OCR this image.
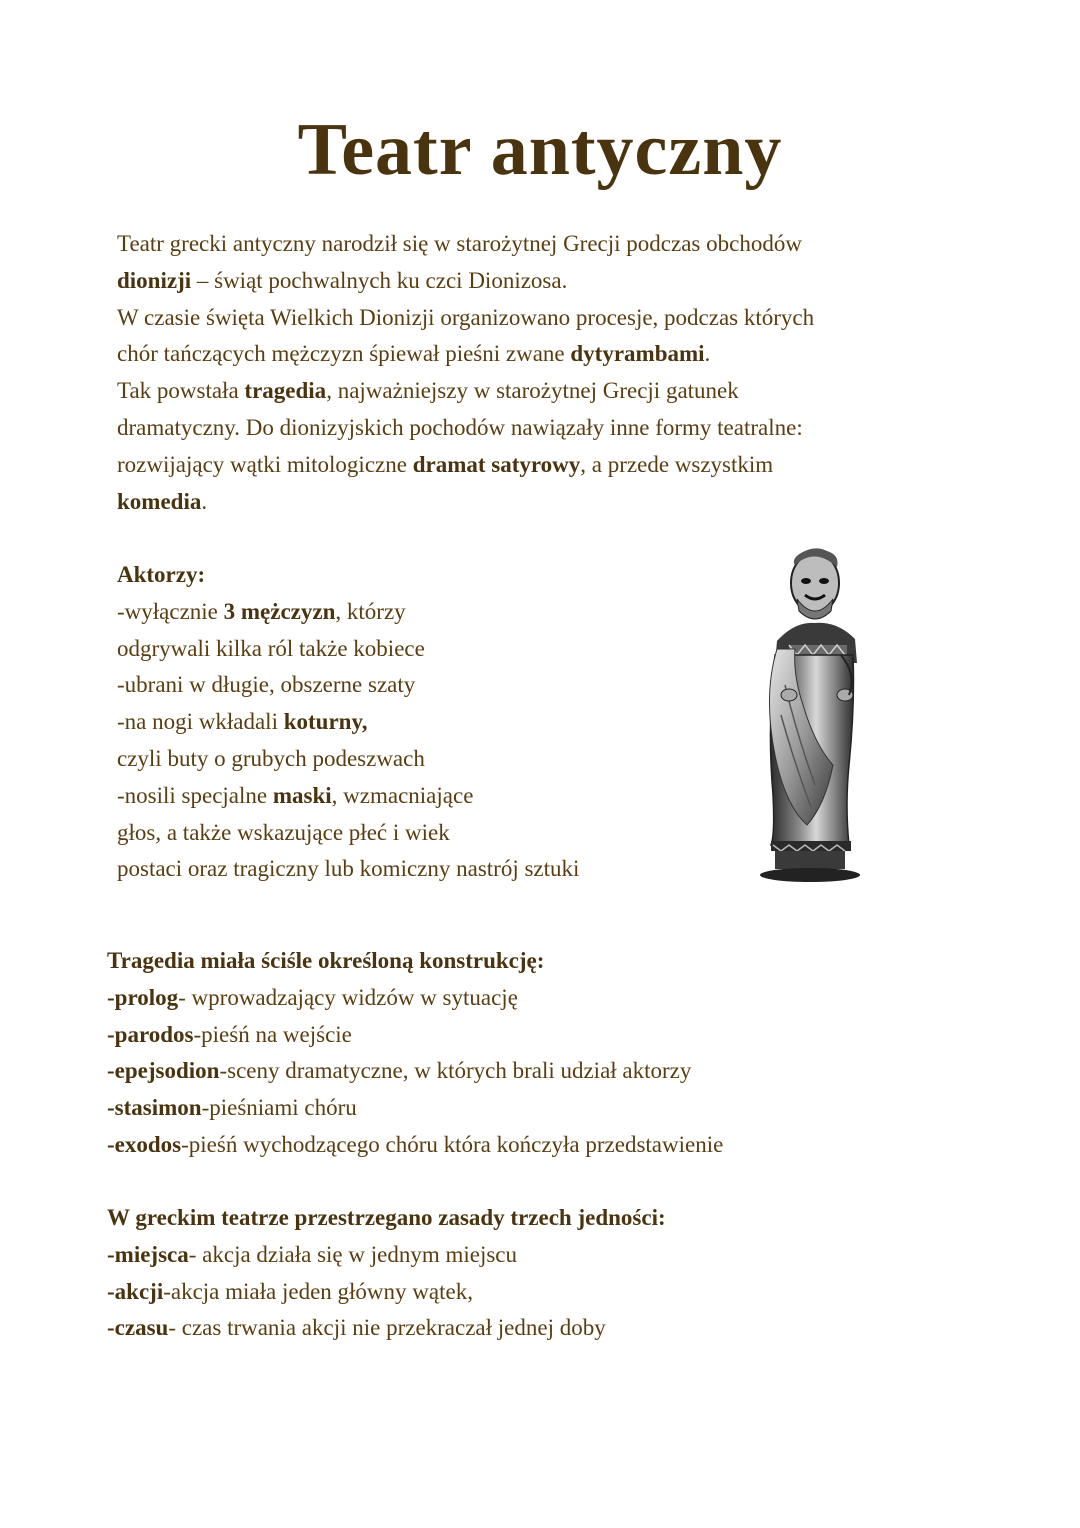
Teatr antyczny
Teatr grecki antyczny narodził się w starożytnej Grecji podczas obchodów
dionizji – świąt pochwalnych ku czci Dionizosa.
W czasie święta Wielkich Dionizji organizowano procesje, podczas których
chór tańczących mężczyzn śpiewał pieśni zwane dytyrambami.
Tak powstała tragedia, najważniejszy w starożytnej Grecji gatunek
dramatyczny. Do dionizyjskich pochodów nawiązały inne formy teatralne:
rozwijający wątki mitologiczne dramat satyrowy, a przede wszystkim
komedia.
Aktorzy:
-wyłącznie 3 mężczyzn, którzy
odgrywali kilka ról także kobiece
-ubrani w długie, obszerne szaty
-na nogi wkładali koturny,
czyli buty o grubych podeszwach
-nosili specjalne maski, wzmacniające
głos, a także wskazujące płeć i wiek
postaci oraz tragiczny lub komiczny nastrój sztuki
Tragedia miała ściśle określoną konstrukcję:
-prolog- wprowadzający widzów w sytuację
-parodos-pieśń na wejście
-epejsodion-sceny dramatyczne, w których brali udział aktorzy
-stasimon-pieśniami chóru
-exodos-pieśń wychodzącego chóru która kończyła przedstawienie
W greckim teatrze przestrzegano zasady trzech jedności:
-miejsca- akcja działa się w jednym miejscu
-akcji-akcja miała jeden główny wątek,
-czasu- czas trwania akcji nie przekraczał jednej doby
